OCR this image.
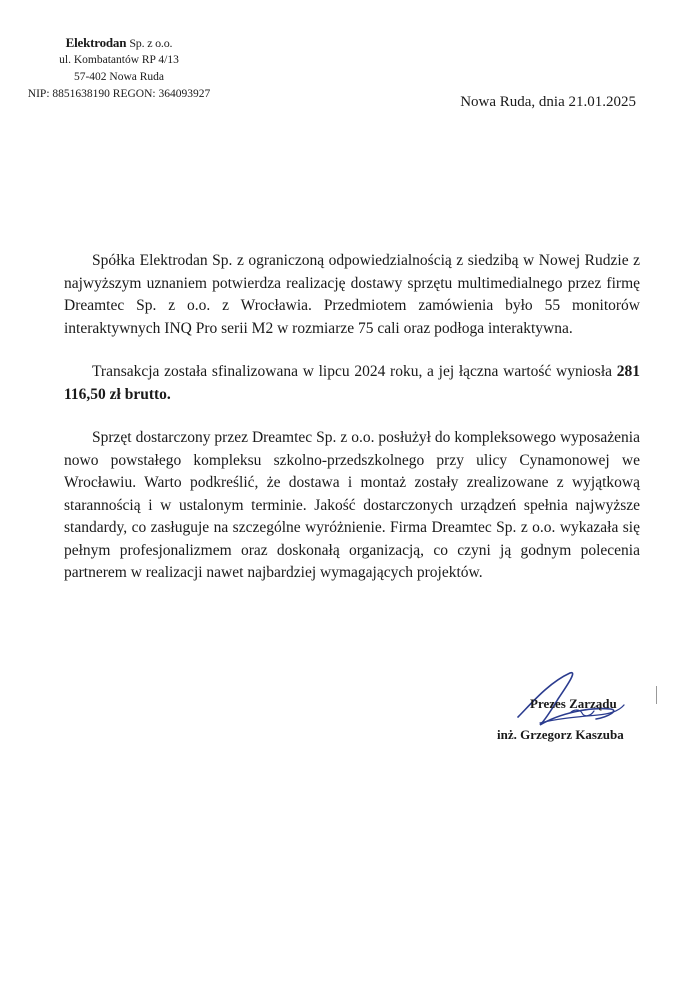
Elektrodan Sp. z o.o.
ul. Kombatantów RP 4/13
57-402 Nowa Ruda
NIP: 8851638190 REGON: 364093927	Nowa Ruda, dnia 21.01.2025

Spółka Elektrodan Sp. z ograniczoną odpowiedzialnością z siedzibą w Nowej Rudzie z najwyższym uznaniem potwierdza realizację dostawy sprzętu multimedialnego przez firmę Dreamtec Sp. z o.o. z Wrocławia. Przedmiotem zamówienia było 55 monitorów interaktywnych INQ Pro serii M2 w rozmiarze 75 cali oraz podłoga interaktywna.

Transakcja została sfinalizowana w lipcu 2024 roku, a jej łączna wartość wyniosła 281 116,50 zł brutto.

Sprzęt dostarczony przez Dreamtec Sp. z o.o. posłużył do kompleksowego wyposażenia nowo powstałego kompleksu szkolno-przedszkolnego przy ulicy Cynamonowej we Wrocławiu. Warto podkreślić, że dostawa i montaż zostały zrealizowane z wyjątkową starannością i w ustalonym terminie. Jakość dostarczonych urządzeń spełnia najwyższe standardy, co zasługuje na szczególne wyróżnienie. Firma Dreamtec Sp. z o.o. wykazała się pełnym profesjonalizmem oraz doskonałą organizacją, co czyni ją godnym polecenia partnerem w realizacji nawet najbardziej wymagających projektów.

Prezes Zarządu
inż. Grzegorz Kaszuba
